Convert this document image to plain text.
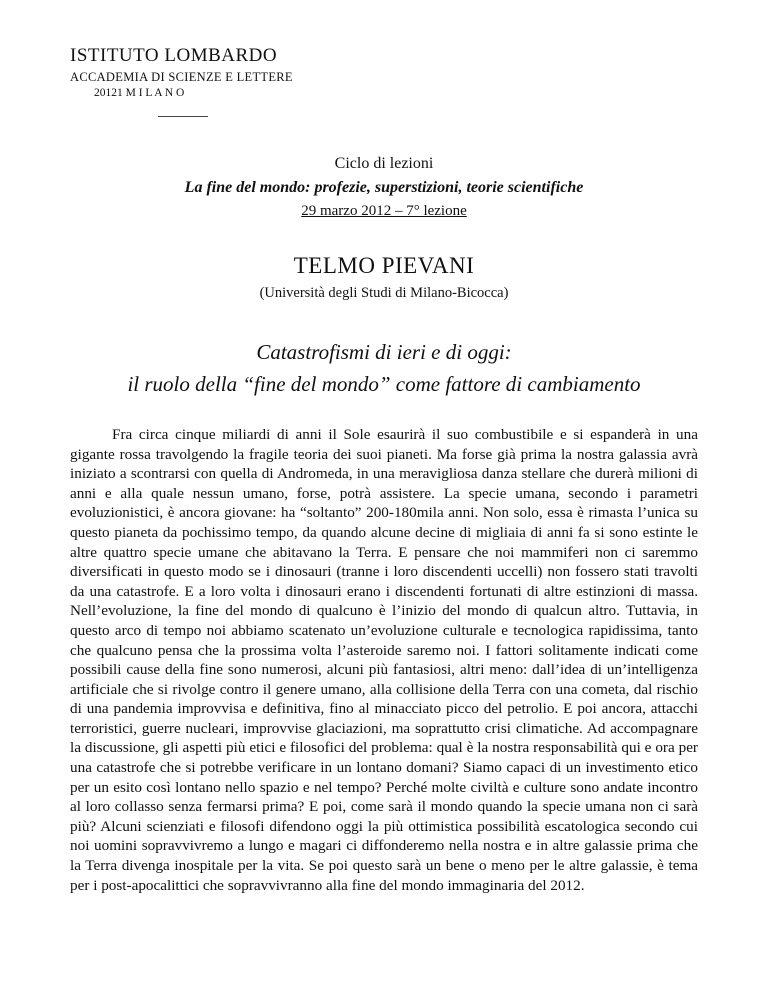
ISTITUTO LOMBARDO
ACCADEMIA DI SCIENZE E LETTERE
20121 M I L A N O
Ciclo di lezioni
La fine del mondo: profezie, superstizioni, teorie scientifiche
29 marzo 2012 – 7° lezione
TELMO PIEVANI
(Università degli Studi di Milano-Bicocca)
Catastrofismi di ieri e di oggi:
il ruolo della “fine del mondo” come fattore di cambiamento

Fra circa cinque miliardi di anni il Sole esaurirà il suo combustibile e si espanderà in una gigante rossa travolgendo la fragile teoria dei suoi pianeti. Ma forse già prima la nostra galassia avrà iniziato a scontrarsi con quella di Andromeda, in una meravigliosa danza stellare che durerà milioni di anni e alla quale nessun umano, forse, potrà assistere. La specie umana, secondo i parametri evoluzionistici, è ancora giovane: ha “soltanto” 200-180mila anni. Non solo, essa è rimasta l’unica su questo pianeta da pochissimo tempo, da quando alcune decine di migliaia di anni fa si sono estinte le altre quattro specie umane che abitavano la Terra. E pensare che noi mammiferi non ci saremmo diversificati in questo modo se i dinosauri (tranne i loro discendenti uccelli) non fossero stati travolti da una catastrofe. E a loro volta i dinosauri erano i discendenti fortunati di altre estinzioni di massa. Nell’evoluzione, la fine del mondo di qualcuno è l’inizio del mondo di qualcun altro. Tuttavia, in questo arco di tempo noi abbiamo scatenato un’evoluzione culturale e tecnologica rapidissima, tanto che qualcuno pensa che la prossima volta l’asteroide saremo noi. I fattori solitamente indicati come possibili cause della fine sono numerosi, alcuni più fantasiosi, altri meno: dall’idea di un’intelligenza artificiale che si rivolge contro il genere umano, alla collisione della Terra con una cometa, dal rischio di una pandemia improvvisa e definitiva, fino al minacciato picco del petrolio. E poi ancora, attacchi terroristici, guerre nucleari, improvvise glaciazioni, ma soprattutto crisi climatiche. Ad accompagnare la discussione, gli aspetti più etici e filosofici del problema: qual è la nostra responsabilità qui e ora per una catastrofe che si potrebbe verificare in un lontano domani? Siamo capaci di un investimento etico per un esito così lontano nello spazio e nel tempo? Perché molte civiltà e culture sono andate incontro al loro collasso senza fermarsi prima? E poi, come sarà il mondo quando la specie umana non ci sarà più? Alcuni scienziati e filosofi difendono oggi la più ottimistica possibilità escatologica secondo cui noi uomini sopravvivremo a lungo e magari ci diffonderemo nella nostra e in altre galassie prima che la Terra divenga inospitale per la vita. Se poi questo sarà un bene o meno per le altre galassie, è tema per i post-apocalittici che sopravvivranno alla fine del mondo immaginaria del 2012.
